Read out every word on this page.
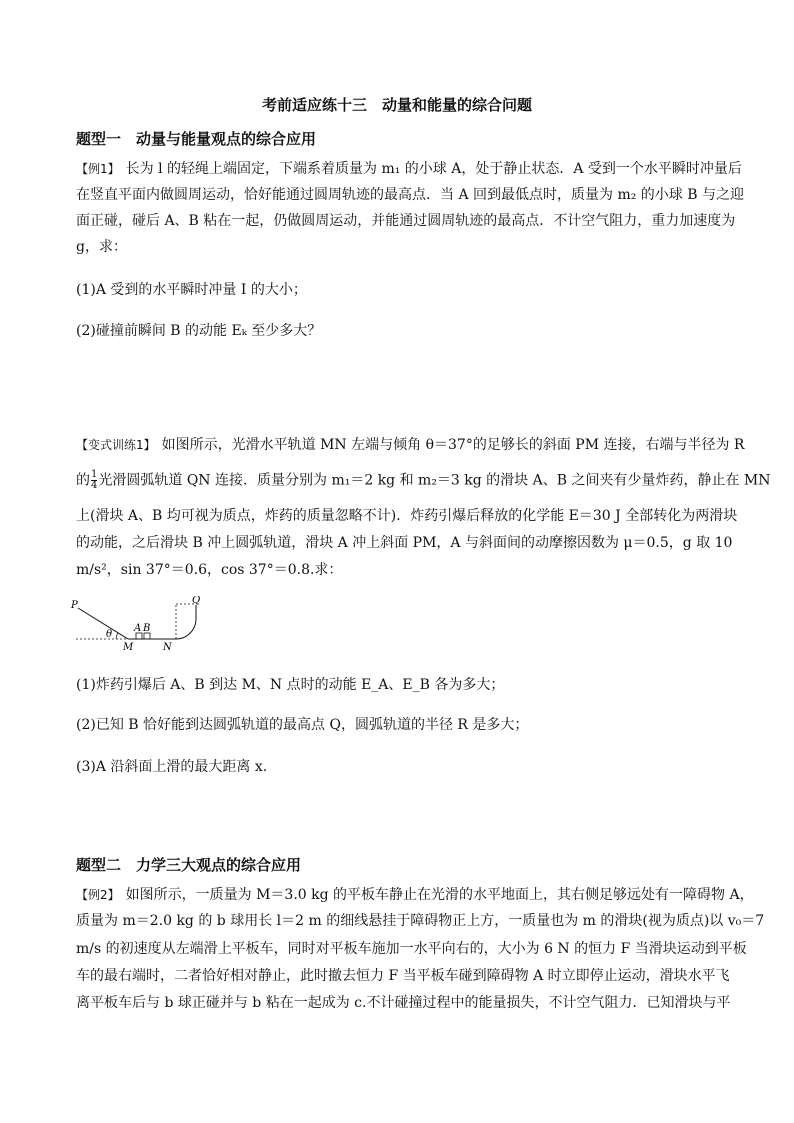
考前适应练十三　动量和能量的综合问题
题型一　动量与能量观点的综合应用
【例1】 长为 l 的轻绳上端固定，下端系着质量为 m₁ 的小球 A，处于静止状态．A 受到一个水平瞬时冲量后
在竖直平面内做圆周运动，恰好能通过圆周轨迹的最高点．当 A 回到最低点时，质量为 m₂ 的小球 B 与之迎
面正碰，碰后 A、B 粘在一起，仍做圆周运动，并能通过圆周轨迹的最高点．不计空气阻力，重力加速度为
g，求：
(1)A 受到的水平瞬时冲量 I 的大小；
(2)碰撞前瞬间 B 的动能 Eₖ 至少多大？
【变式训练1】 如图所示，光滑水平轨道 MN 左端与倾角 θ＝37°的足够长的斜面 PM 连接，右端与半径为 R
的 $\frac{1}{4}$ 光滑圆弧轨道 QN 连接．质量分别为 m₁＝2 kg 和 m₂＝3 kg 的滑块 A、B 之间夹有少量炸药，静止在 MN
上(滑块 A、B 均可视为质点，炸药的质量忽略不计)．炸药引爆后释放的化学能 E＝30 J 全部转化为两滑块
的动能，之后滑块 B 冲上圆弧轨道，滑块 A 冲上斜面 PM，A 与斜面间的动摩擦因数为 μ＝0.5，g 取 10
m/s²，sin 37°＝0.6，cos 37°＝0.8.求：
P	Q
A B
θ
M	N
(1)炸药引爆后 A、B 到达 M、N 点时的动能 E_A、E_B 各为多大；
(2)已知 B 恰好能到达圆弧轨道的最高点 Q，圆弧轨道的半径 R 是多大；
(3)A 沿斜面上滑的最大距离 x.
题型二　力学三大观点的综合应用
【例2】 如图所示，一质量为 M＝3.0 kg 的平板车静止在光滑的水平地面上，其右侧足够远处有一障碍物 A，
质量为 m＝2.0 kg 的 b 球用长 l＝2 m 的细线悬挂于障碍物正上方，一质量也为 m 的滑块(视为质点)以 v₀＝7
m/s 的初速度从左端滑上平板车，同时对平板车施加一水平向右的，大小为 6 N 的恒力 F 当滑块运动到平板
车的最右端时，二者恰好相对静止，此时撤去恒力 F 当平板车碰到障碍物 A 时立即停止运动，滑块水平飞
离平板车后与 b 球正碰并与 b 粘在一起成为 c.不计碰撞过程中的能量损失，不计空气阻力．已知滑块与平
